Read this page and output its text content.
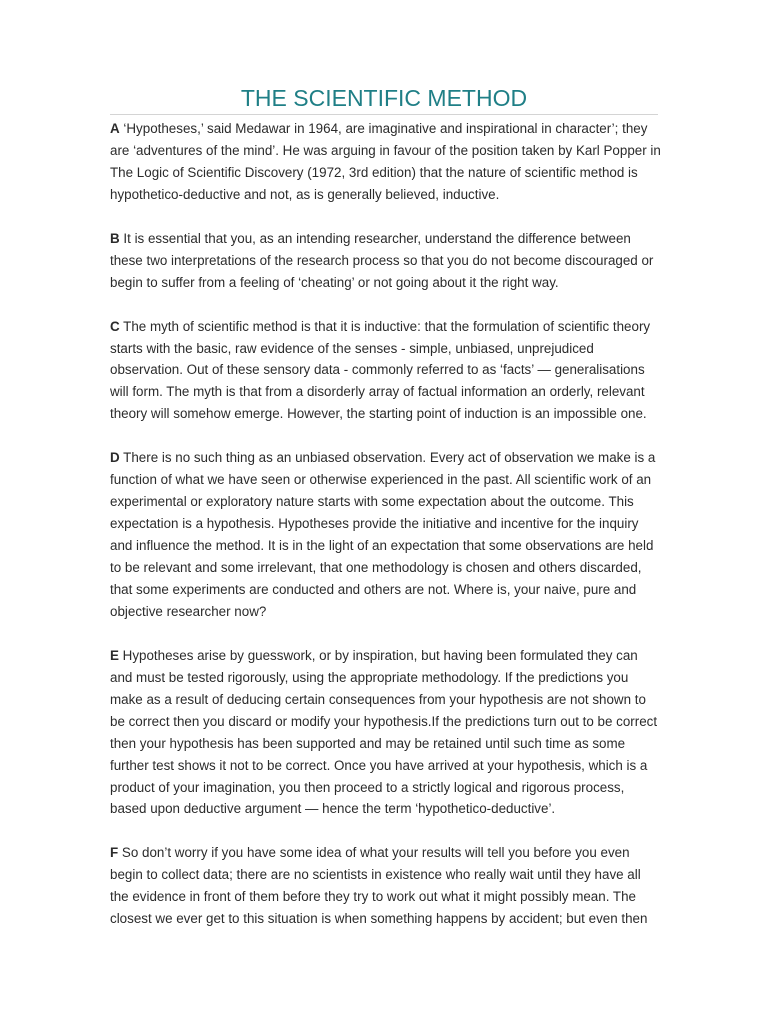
THE SCIENTIFIC METHOD

A ‘Hypotheses,’ said Medawar in 1964, are imaginative and inspirational in character’; they are ‘adventures of the mind’. He was arguing in favour of the position taken by Karl Popper in The Logic of Scientific Discovery (1972, 3rd edition) that the nature of scientific method is hypothetico-deductive and not, as is generally believed, inductive.

B It is essential that you, as an intending researcher, understand the difference between these two interpretations of the research process so that you do not become discouraged or begin to suffer from a feeling of ‘cheating’ or not going about it the right way.

C The myth of scientific method is that it is inductive: that the formulation of scientific theory starts with the basic, raw evidence of the senses - simple, unbiased, unprejudiced observation. Out of these sensory data - commonly referred to as ‘facts’ — generalisations will form. The myth is that from a disorderly array of factual information an orderly, relevant theory will somehow emerge. However, the starting point of induction is an impossible one.

D There is no such thing as an unbiased observation. Every act of observation we make is a function of what we have seen or otherwise experienced in the past. All scientific work of an experimental or exploratory nature starts with some expectation about the outcome. This expectation is a hypothesis. Hypotheses provide the initiative and incentive for the inquiry and influence the method. It is in the light of an expectation that some observations are held to be relevant and some irrelevant, that one methodology is chosen and others discarded, that some experiments are conducted and others are not. Where is, your naive, pure and objective researcher now?

E Hypotheses arise by guesswork, or by inspiration, but having been formulated they can and must be tested rigorously, using the appropriate methodology. If the predictions you make as a result of deducing certain consequences from your hypothesis are not shown to be correct then you discard or modify your hypothesis.If the predictions turn out to be correct then your hypothesis has been supported and may be retained until such time as some further test shows it not to be correct. Once you have arrived at your hypothesis, which is a product of your imagination, you then proceed to a strictly logical and rigorous process, based upon deductive argument — hence the term ‘hypothetico-deductive’.

F So don’t worry if you have some idea of what your results will tell you before you even begin to collect data; there are no scientists in existence who really wait until they have all the evidence in front of them before they try to work out what it might possibly mean. The closest we ever get to this situation is when something happens by accident; but even then
